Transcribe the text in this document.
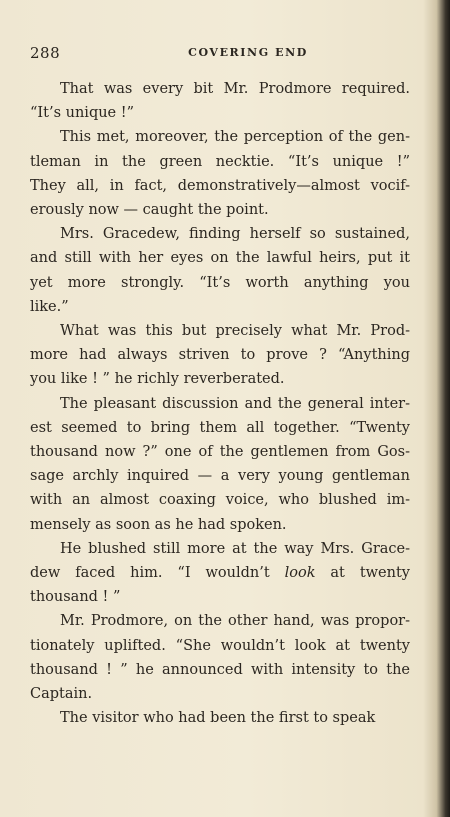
288	COVERING END
That was every bit Mr. Prodmore required.
“It’s unique !”
This met, moreover, the perception of the gen-
tleman in the green necktie. “It’s unique !”
They all, in fact, demonstratively—almost vocif-
erously now — caught the point.
Mrs. Gracedew, finding herself so sustained,
and still with her eyes on the lawful heirs, put it
yet more strongly. “It’s worth anything you
like.”
What was this but precisely what Mr. Prod-
more had always striven to prove ? “Anything
you like ! ” he richly reverberated.
The pleasant discussion and the general inter-
est seemed to bring them all together. “Twenty
thousand now ?” one of the gentlemen from Gos-
sage archly inquired — a very young gentleman
with an almost coaxing voice, who blushed im-
mensely as soon as he had spoken.
He blushed still more at the way Mrs. Grace-
dew faced him. “I wouldn’t look at twenty
thousand ! ”
Mr. Prodmore, on the other hand, was propor-
tionately uplifted. “She wouldn’t look at twenty
thousand ! ” he announced with intensity to the
Captain.
The visitor who had been the first to speak
